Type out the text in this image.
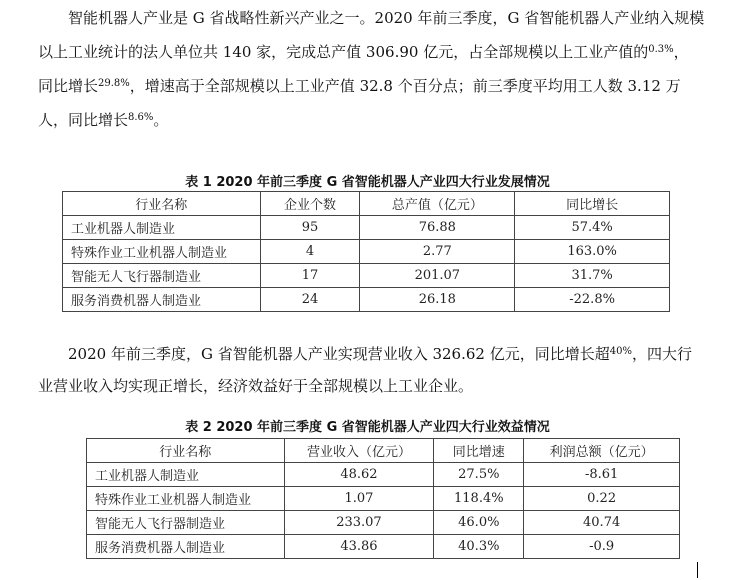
智能机器人产业是 G 省战略性新兴产业之一。2020 年前三季度，G 省智能机器人产业纳入规模
以上工业统计的法人单位共 140 家，完成总产值 306.90 亿元，占全部规模以上工业产值的$^{0.3\%}$，
同比增长$^{29.8\%}$，增速高于全部规模以上工业产值 32.8 个百分点；前三季度平均用工人数 3.12 万
人，同比增长$^{8.6\%}$。

表 1 2020 年前三季度 G 省智能机器人产业四大行业发展情况
行业名称	企业个数	总产值（亿元）	同比增长
工业机器人制造业	95	76.88	57.4%
特殊作业工业机器人制造业	4	2.77	163.0%
智能无人飞行器制造业	17	201.07	31.7%
服务消费机器人制造业	24	26.18	-22.8%

2020 年前三季度，G 省智能机器人产业实现营业收入 326.62 亿元，同比增长超$^{40\%}$，四大行
业营业收入均实现正增长，经济效益好于全部规模以上工业企业。

表 2 2020 年前三季度 G 省智能机器人产业四大行业效益情况
行业名称	营业收入（亿元）	同比增速	利润总额（亿元）
工业机器人制造业	48.62	27.5%	-8.61
特殊作业工业机器人制造业	1.07	118.4%	0.22
智能无人飞行器制造业	233.07	46.0%	40.74
服务消费机器人制造业	43.86	40.3%	-0.9
